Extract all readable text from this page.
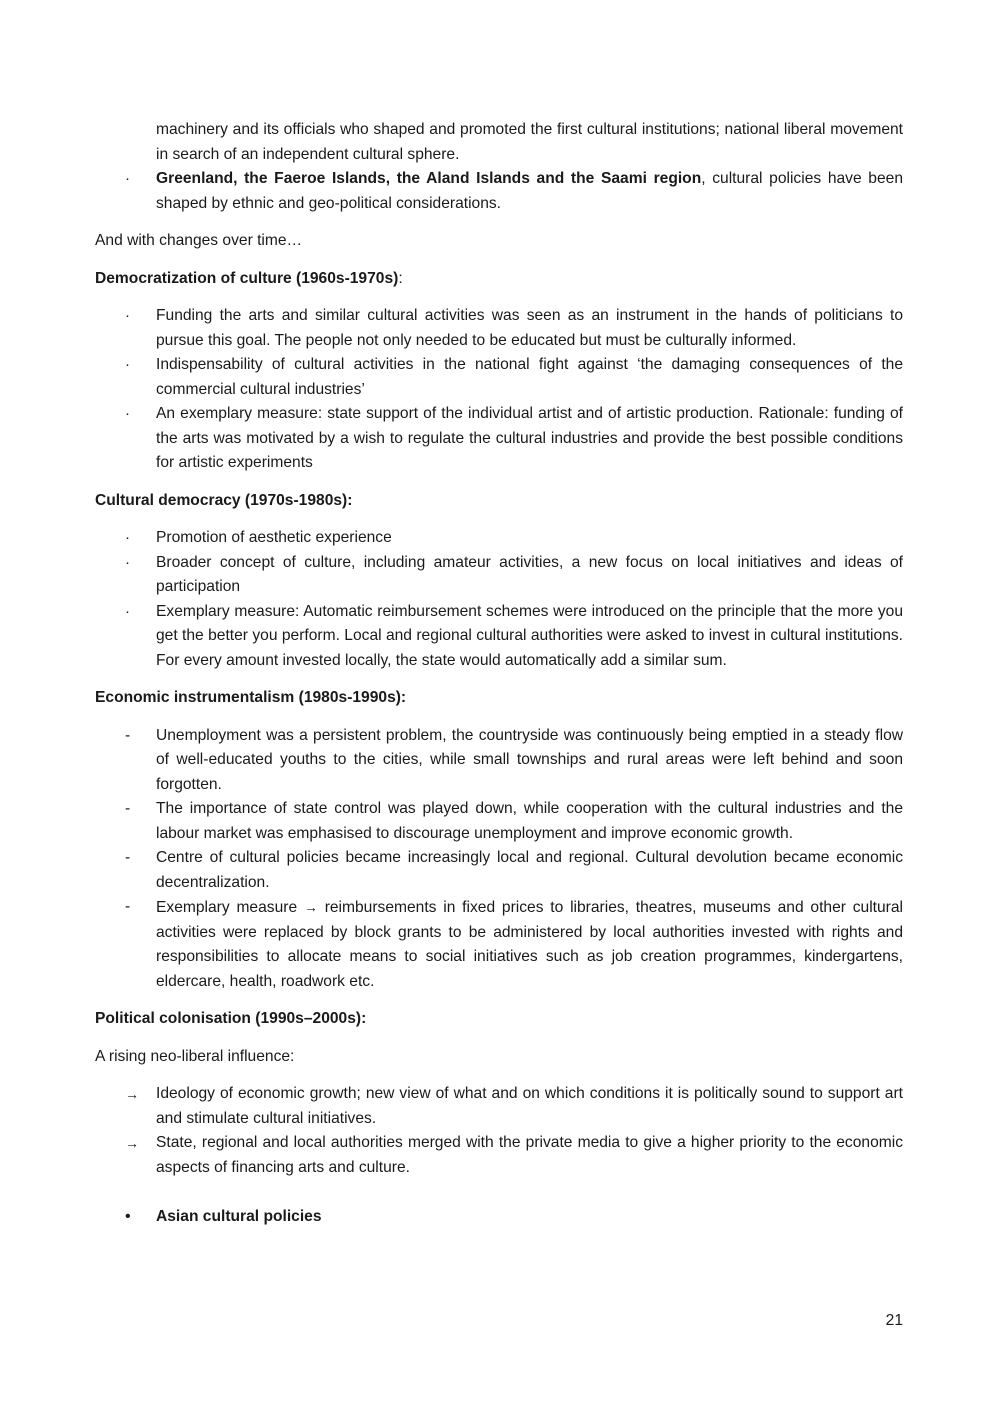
machinery and its officials who shaped and promoted the first cultural institutions; national liberal movement in search of an independent cultural sphere.
·	Greenland, the Faeroe Islands, the Aland Islands and the Saami region, cultural policies have been shaped by ethnic and geo-political considerations.

And with changes over time…

Democratization of culture (1960s-1970s):

·	Funding the arts and similar cultural activities was seen as an instrument in the hands of politicians to pursue this goal. The people not only needed to be educated but must be culturally informed.
·	Indispensability of cultural activities in the national fight against ‘the damaging consequences of the commercial cultural industries’
·	An exemplary measure: state support of the individual artist and of artistic production. Rationale: funding of the arts was motivated by a wish to regulate the cultural industries and provide the best possible conditions for artistic experiments

Cultural democracy (1970s-1980s):

·	Promotion of aesthetic experience
·	Broader concept of culture, including amateur activities, a new focus on local initiatives and ideas of participation
·	Exemplary measure: Automatic reimbursement schemes were introduced on the principle that the more you get the better you perform. Local and regional cultural authorities were asked to invest in cultural institutions. For every amount invested locally, the state would automatically add a similar sum.

Economic instrumentalism (1980s-1990s):

-	Unemployment was a persistent problem, the countryside was continuously being emptied in a steady flow of well-educated youths to the cities, while small townships and rural areas were left behind and soon forgotten.
-	The importance of state control was played down, while cooperation with the cultural industries and the labour market was emphasised to discourage unemployment and improve economic growth.
-	Centre of cultural policies became increasingly local and regional. Cultural devolution became economic decentralization.
-	Exemplary measure → reimbursements in fixed prices to libraries, theatres, museums and other cultural activities were replaced by block grants to be administered by local authorities invested with rights and responsibilities to allocate means to social initiatives such as job creation programmes, kindergartens, eldercare, health, roadwork etc.

Political colonisation (1990s–2000s):

A rising neo-liberal influence:

→	Ideology of economic growth; new view of what and on which conditions it is politically sound to support art and stimulate cultural initiatives.
→	State, regional and local authorities merged with the private media to give a higher priority to the economic aspects of financing arts and culture.
•	Asian cultural policies
21
